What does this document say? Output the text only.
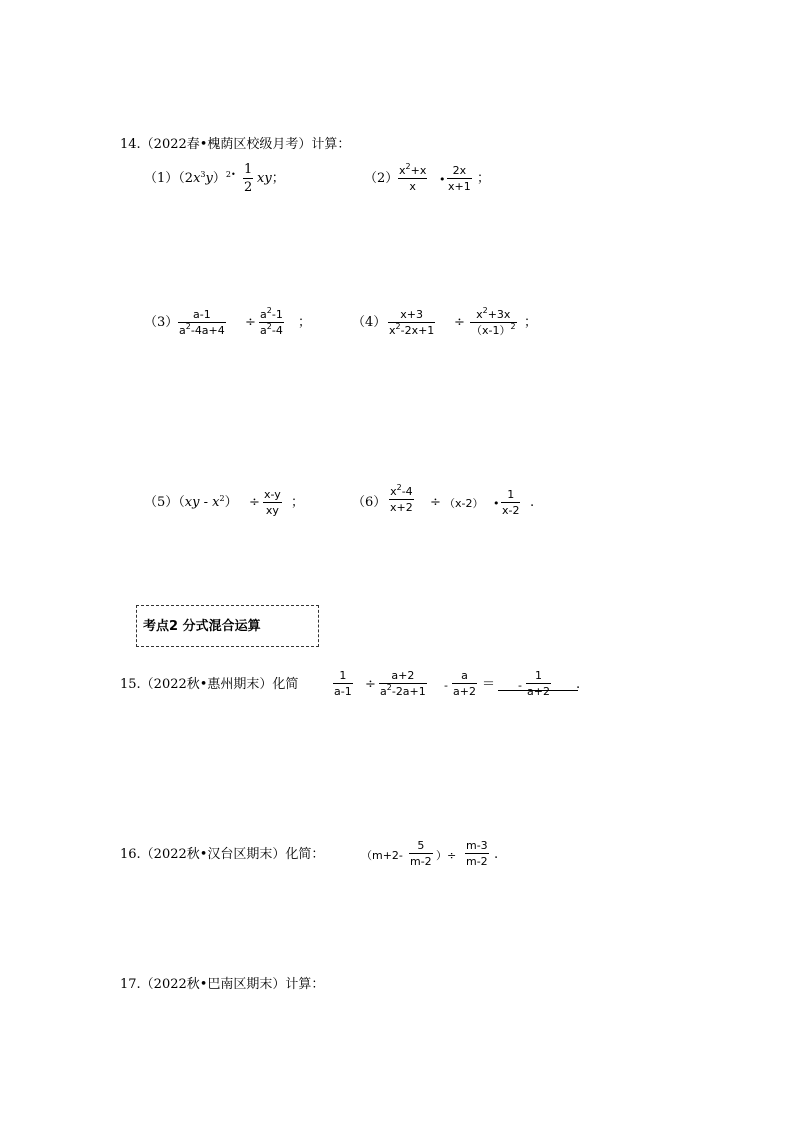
14.（2022春•槐荫区校级月考）计算：
$(1)(2x^3y)^{2•} \frac{1}{2}$ xy；	$(2) \frac{x^2+x}{x}$ • $\frac{2x}{x+1}$ ；
$(3) \frac{a-1}{a^2-4a+4} \div \frac{a^2-1}{a^2-4}$ ；	$(4) \frac{x+3}{x^2-2x+1} \div \frac{x^2+3x}{(x-1)^2}$ ；
$(5)(xy - x^2) \div \frac{x-y}{xy}$ ；	$(6) \frac{x^2-4}{x+2} \div (x-2)$ • $\frac{1}{x-2}$ .
考点2 分式混合运算
15.（2022秋•惠州期末）化简	$\frac{1}{a-1} \div \frac{a+2}{a^2-2a+1} - \frac{a}{a+2}$ ＝ - $\frac{1}{a+2}$ .
16.（2022秋•汉台区期末）化简：	（$m+2- \frac{5}{m-2}$ ）÷ $\frac{m-3}{m-2}$ .
17.（2022秋•巴南区期末）计算：
